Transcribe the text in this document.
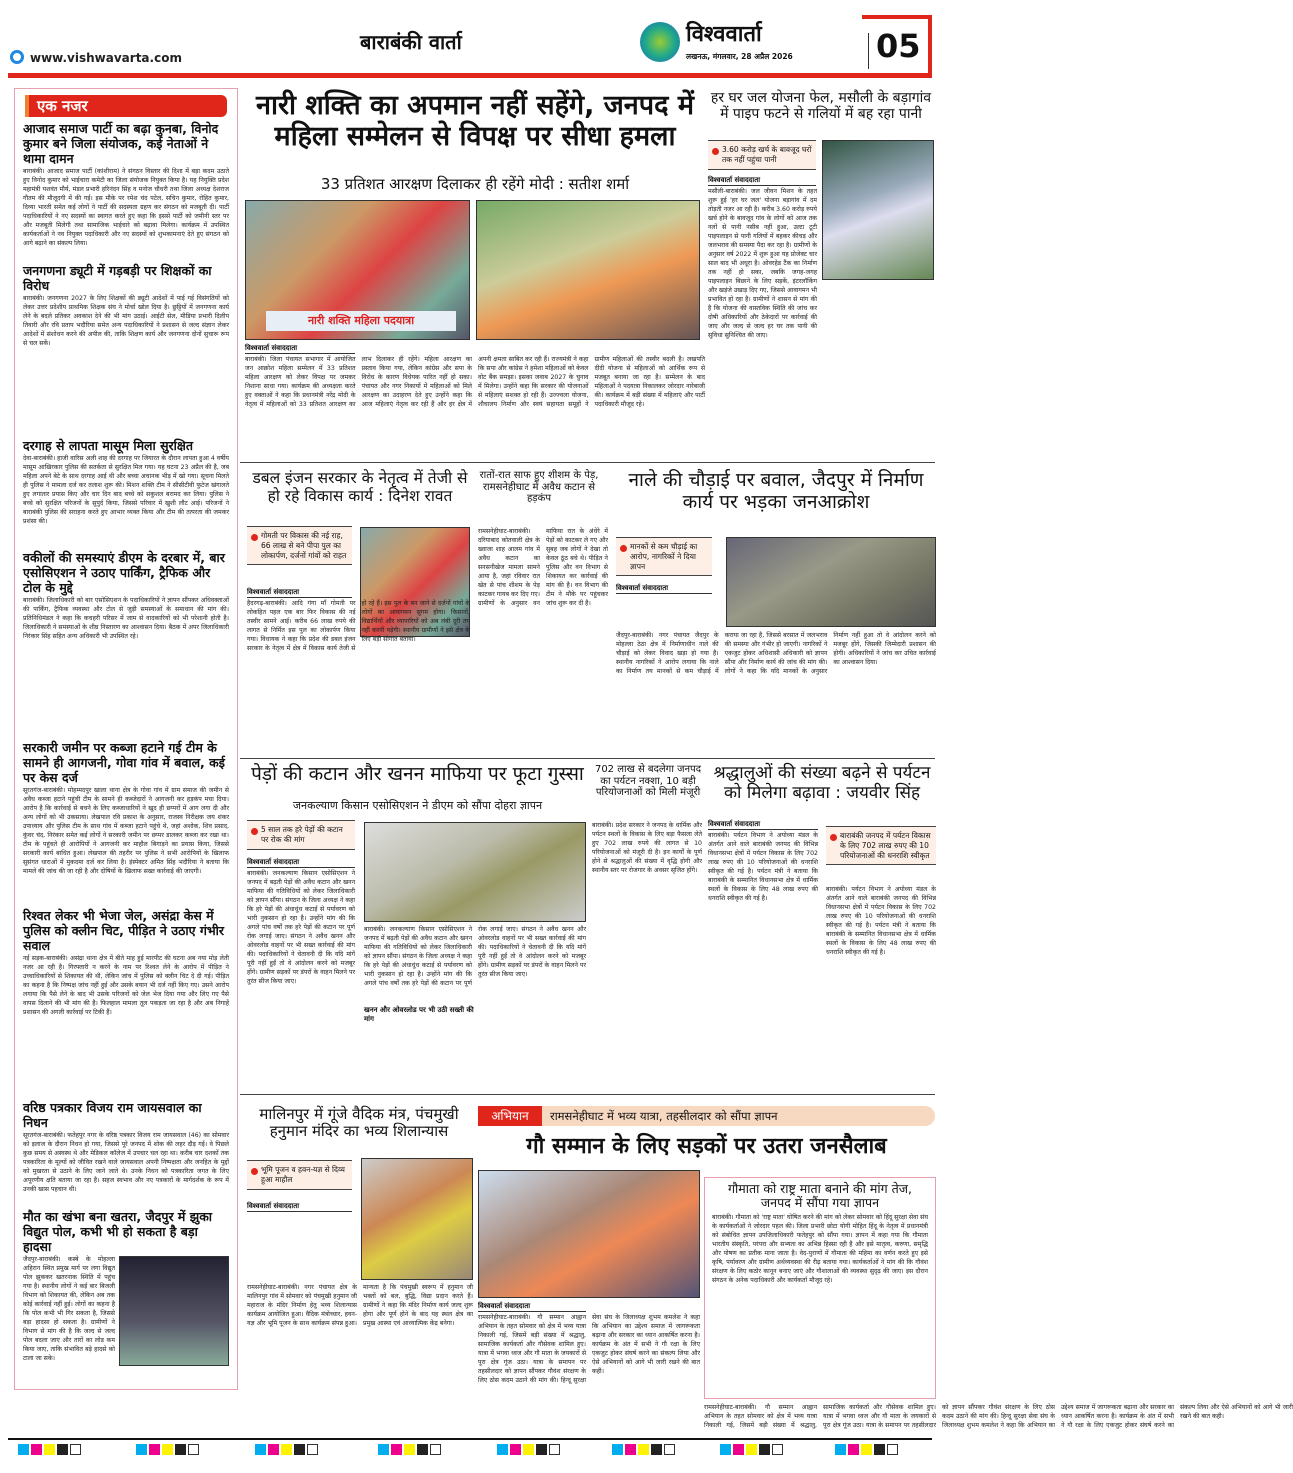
www.vishwavarta.com
बाराबंकी वार्ता	विश्ववार्ता
लखनऊ, मंगलवार, 28 अप्रैल 2026	05
एक नजर
आजाद समाज पार्टी का बढ़ा कुनबा, विनोद कुमार बने जिला संयोजक, कई नेताओं ने थामा दामन
बाराबंकी। आजाद समाज पार्टी (कांशीराम) ने संगठन विस्तार की दिशा में बड़ा कदम उठाते हुए विनोद कुमार को भाईचारा कमेटी का जिला संयोजक नियुक्त किया है। यह नियुक्ति प्रदेश महामंत्री यशवंत मौर्य, मंडल प्रभारी हरिनंदन सिंह व मनोज चौधरी तथा जिला अध्यक्ष देशराज गौतम की मौजूदगी में की गई। इस मौके पर रमेश चंद पटेल, सचिन कुमार, रोहित कुमार, दिव्या भारती समेत कई लोगों ने पार्टी की सदस्यता ग्रहण कर संगठन को मजबूती दी। पार्टी पदाधिकारियों ने नए सदस्यों का स्वागत करते हुए कहा कि इससे पार्टी को जमीनी स्तर पर और मजबूती मिलेगी तथा सामाजिक भाईचारे को बढ़ावा मिलेगा। कार्यक्रम में उपस्थित कार्यकर्ताओं ने नव नियुक्त पदाधिकारी और नए सदस्यों को शुभकामनाएं देते हुए संगठन को आगे बढ़ाने का संकल्प लिया।
जनगणना ड्यूटी में गड़बड़ी पर शिक्षकों का विरोध
बाराबंकी। जनगणना 2027 के लिए शिक्षकों की ड्यूटी आदेशों में पाई गई विसंगतियों को लेकर उत्तर प्रदेशीय प्राथमिक शिक्षक संघ ने मोर्चा खोल दिया है। छुट्टियों में जनगणना कार्य लेने के बदले प्रतिकर अवकाश देने की भी मांग उठाई। आईटी सेल, मीडिया प्रभारी दिलीप तिवारी और रवि प्रताप भदौरिया समेत अन्य पदाधिकारियों ने प्रशासन से जल्द संज्ञान लेकर आदेशों में संशोधन करने की अपील की, ताकि शिक्षण कार्य और जनगणना दोनों सुचारू रूप से चल सकें।
दरगाह से लापता मासूम मिला सुरक्षित
देवा-बाराबंकी। हाजी वारिस अली शाह की दरगाह पर जियारत के दौरान लापता हुआ 4 वर्षीय मासूम आखिरकार पुलिस की सतर्कता से सुरक्षित मिल गया। यह घटना 23 अप्रैल की है, जब महिला अपने बेटे के साथ दरगाह आई थी और बच्चा अचानक भीड़ में खो गया। सूचना मिलते ही पुलिस ने मामला दर्ज कर तलाश शुरू की। मिशन शक्ति टीम ने सीसीटीवी फुटेज खंगालते हुए लगातार प्रयास किए और चार दिन बाद बच्चे को सकुशल बरामद कर लिया। पुलिस ने बच्चे को सुरक्षित परिजनों के सुपुर्द किया, जिससे परिवार में खुशी लौट आई। परिजनों ने बाराबंकी पुलिस की सराहना करते हुए आभार व्यक्त किया और टीम की तत्परता की जमकर प्रशंसा की।
वकीलों की समस्याएं डीएम के दरबार में, बार एसोसिएशन ने उठाए पार्किंग, ट्रैफिक और टोल के मुद्दे
बाराबंकी। जिलाधिकारी को बार एसोसिएशन के पदाधिकारियों ने ज्ञापन सौंपकर अधिवक्ताओं की पार्किंग, ट्रैफिक व्यवस्था और टोल से जुड़ी समस्याओं के समाधान की मांग की। प्रतिनिधिमंडल ने कहा कि कचहरी परिसर में जाम से वादकारियों को भी परेशानी होती है। जिलाधिकारी ने समस्याओं के शीघ्र निस्तारण का आश्वासन दिया। बैठक में अपर जिलाधिकारी निरंकार सिंह सहित अन्य अधिकारी भी उपस्थित रहे।
सरकारी जमीन पर कब्जा हटाने गई टीम के सामने ही आगजनी, गोवा गांव में बवाल, कई पर केस दर्ज
सूरतगंज-बाराबंकी। मोहम्मदपुर खाला थाना क्षेत्र के गोवा गांव में ग्राम समाज की जमीन से अवैध कब्जा हटाने पहुंची टीम के सामने ही कब्जेदारों ने आगजनी कर हड़कंप मचा दिया। आरोप है कि कार्रवाई से बचने के लिए कब्जाधारियों ने खुद ही छप्परों में आग लगा दी और अन्य लोगों को भी उकसाया। लेखपाल रवि प्रकाश के अनुसार, राजस्व निरीक्षक जय शंकर उपाध्याय और पुलिस टीम के साथ गांव में कब्जा हटाने पहुंचे थे, जहां अशोक, शिव प्रसाद, कुंवर चंद, निरंकार समेत कई लोगों ने सरकारी जमीन पर छप्पर डालकर कब्जा कर रखा था। टीम के पहुंचते ही आरोपियों ने आगजनी कर माहौल बिगाड़ने का प्रयास किया, जिससे सरकारी कार्य बाधित हुआ। लेखपाल की तहरीर पर पुलिस ने सभी आरोपियों के खिलाफ सुसंगत धाराओं में मुकदमा दर्ज कर लिया है। इंस्पेक्टर अमित सिंह भदौरिया ने बताया कि मामले की जांच की जा रही है और दोषियों के खिलाफ सख्त कार्रवाई की जाएगी।
रिश्वत लेकर भी भेजा जेल, असंद्रा केस में पुलिस को क्लीन चिट, पीड़ित ने उठाए गंभीर सवाल
नई सड़क-बाराबंकी। असंद्रा थाना क्षेत्र में बीते माह हुई मारपीट की घटना अब नया मोड़ लेती नजर आ रही है। गिरफ्तारी न करने के नाम पर रिश्वत लेने के आरोप में पीड़ित ने उच्चाधिकारियों से शिकायत की थी, लेकिन जांच में पुलिस को क्लीन चिट दे दी गई। पीड़ित का कहना है कि निष्पक्ष जांच नहीं हुई और उसके बयान भी दर्ज नहीं किए गए। उसने आरोप लगाया कि पैसे लेने के बाद भी उसके परिजनों को जेल भेज दिया गया और लिए गए पैसे वापस दिलाने की भी मांग की है। फिलहाल मामला तूल पकड़ता जा रहा है और अब निगाहें प्रशासन की अगली कार्रवाई पर टिकी हैं।
वरिष्ठ पत्रकार विजय राम जायसवाल का निधन
सूरतगंज-बाराबंकी। फतेहपुर नगर के वरिष्ठ पत्रकार विजय राम जायसवाल (46) का सोमवार को इलाज के दौरान निधन हो गया, जिससे पूरे जनपद में शोक की लहर दौड़ गई। वे पिछले कुछ समय से अस्वस्थ थे और मेडिकल कॉलेज में उपचार चल रहा था। करीब चार दशकों तक पत्रकारिता के मूल्यों को जीवित रखने वाले जायसवाल अपनी निष्पक्षता और जनहित के मुद्दों को मुखरता से उठाने के लिए जाने जाते थे। उनके निधन को पत्रकारिता जगत के लिए अपूरणीय क्षति बताया जा रहा है। सहज स्वभाव और नए पत्रकारों के मार्गदर्शक के रूप में उनकी खास पहचान थी।
मौत का खंभा बना खतरा, जैदपुर में झुका विद्युत पोल, कभी भी हो सकता है बड़ा हादसा
जैदपुर-बाराबंकी। कस्बे के मोहल्ला अहिरान स्थित प्रमुख मार्ग पर लगा विद्युत पोल झुककर खतरनाक स्थिति में पहुंच गया है। स्थानीय लोगों ने कई बार बिजली विभाग को शिकायत की, लेकिन अब तक कोई कार्रवाई नहीं हुई। लोगों का कहना है कि पोल कभी भी गिर सकता है, जिससे बड़ा हादसा हो सकता है। ग्रामीणों ने विभाग से मांग की है कि जल्द से जल्द पोल बदला जाए और तारों का लोड कम किया जाए, ताकि संभावित बड़े हादसे को टाला जा सके।
नारी शक्ति का अपमान नहीं सहेंगे, जनपद में महिला सम्मेलन से विपक्ष पर सीधा हमला
33 प्रतिशत आरक्षण दिलाकर ही रहेंगे मोदी : सतीश शर्मा
नारी शक्ति महिला पदयात्रा
विश्ववार्ता संवाददाता
बाराबंकी। जिला पंचायत सभागार में आयोजित जन आक्रोश महिला सम्मेलन में 33 प्रतिशत महिला आरक्षण को लेकर विपक्ष पर जमकर निशाना साधा गया। कार्यक्रम की अध्यक्षता करते हुए वक्ताओं ने कहा कि प्रधानमंत्री नरेंद्र मोदी के नेतृत्व में महिलाओं को 33 प्रतिशत आरक्षण का लाभ दिलाकर ही रहेंगे। महिला आरक्षण का प्रस्ताव किया गया, लेकिन कांग्रेस और सपा के विरोध के कारण विधेयक पारित नहीं हो सका। पंचायत और नगर निकायों में महिलाओं को मिले आरक्षण का उदाहरण देते हुए उन्होंने कहा कि आज महिलाएं नेतृत्व कर रही हैं और हर क्षेत्र में अपनी क्षमता साबित कर रही हैं। राज्यमंत्री ने कहा कि सपा और कांग्रेस ने हमेशा महिलाओं को केवल वोट बैंक समझा। इसका जवाब 2027 के चुनाव में मिलेगा। उन्होंने कहा कि सरकार की योजनाओं से महिलाएं सशक्त हो रही हैं। उज्ज्वला योजना, शौचालय निर्माण और स्वयं सहायता समूहों ने ग्रामीण महिलाओं की तस्वीर बदली है। लखपति दीदी योजना से महिलाओं को आर्थिक रूप से मजबूत बनाया जा रहा है। सम्मेलन के बाद महिलाओं ने पदयात्रा निकालकर जोरदार नारेबाजी की। कार्यक्रम में बड़ी संख्या में महिलाएं और पार्टी पदाधिकारी मौजूद रहे।
हर घर जल योजना फेल, मसौली के बड़ागांव में पाइप फटने से गलियों में बह रहा पानी
3.60 करोड़ खर्च के बावजूद घरों तक नहीं पहुंचा पानी
विश्ववार्ता संवाददाता
मसौली-बाराबंकी। जल जीवन मिशन के तहत शुरू हुई 'हर घर जल' योजना बड़ागांव में दम तोड़ती नजर आ रही है। करीब 3.60 करोड़ रुपये खर्च होने के बावजूद गांव के लोगों को आज तक नलों से पानी नसीब नहीं हुआ, उल्टा टूटी पाइपलाइन से पानी गलियों में बहकर कीचड़ और जलभराव की समस्या पैदा कर रहा है। ग्रामीणों के अनुसार वर्ष 2022 में शुरू हुआ यह प्रोजेक्ट चार साल बाद भी अधूरा है। ओवरहेड टैंक का निर्माण तक नहीं हो सका, जबकि जगह-जगह पाइपलाइन बिछाने के लिए सड़कें, इंटरलॉकिंग और खड़ंजे उखाड़ दिए गए, जिससे आवागमन भी प्रभावित हो रहा है। ग्रामीणों ने शासन से मांग की है कि योजना की वास्तविक स्थिति की जांच कर दोषी अधिकारियों और ठेकेदारों पर कार्रवाई की जाए और जल्द से जल्द हर घर तक पानी की सुविधा सुनिश्चित की जाए।
डबल इंजन सरकार के नेतृत्व में तेजी से हो रहे विकास कार्य : दिनेश रावत
गोमती पर विकास की नई राह, 66 लाख से बने पीपा पुल का लोकार्पण, दर्जनों गांवों को राहत
विश्ववार्ता संवाददाता
हैदरगढ़-बाराबंकी। आदि गंगा माँ गोमती पर लोकहित पहल एक बार फिर विकास की नई तस्वीर सामने आई। करीब 66 लाख रुपये की लागत से निर्मित इस पुल का लोकार्पण किया गया। विधायक ने कहा कि प्रदेश की डबल इंजन सरकार के नेतृत्व में क्षेत्र में विकास कार्य तेजी से हो रहे हैं। इस पुल के बन जाने से दर्जनों गांवों के लोगों का आवागमन सुगम होगा। किसानों, विद्यार्थियों और व्यापारियों को अब लंबी दूरी तय नहीं करनी पड़ेगी। स्थानीय ग्रामीणों ने इसे क्षेत्र के लिए बड़ी सौगात बताया।
रातों-रात साफ हुए शीशम के पेड़, रामसनेहीघाट में अवैध कटान से हड़कंप
रामसनेहीघाट-बाराबंकी। दरियाबाद कोतवाली क्षेत्र के ख्वाजा शाह आलम गांव में अवैध कटान का सनसनीखेज मामला सामने आया है, जहां रविवार रात खेत से पांच शीशम के पेड़ काटकर गायब कर दिए गए। ग्रामीणों के अनुसार वन माफिया रात के अंधेरे में पेड़ों को काटकर ले गए और सुबह जब लोगों ने देखा तो केवल ठूंठ बचे थे। पीड़ित ने पुलिस और वन विभाग से शिकायत कर कार्रवाई की मांग की है। वन विभाग की टीम ने मौके पर पहुंचकर जांच शुरू कर दी है।
नाले की चौड़ाई पर बवाल, जैदपुर में निर्माण कार्य पर भड़का जनआक्रोश
मानकों से कम चौड़ाई का आरोप, नागरिकों ने दिया ज्ञापन
विश्ववार्ता संवाददाता
जैदपुर-बाराबंकी। नगर पंचायत जैदपुर के मोहल्ला ठेठा क्षेत्र में निर्माणाधीन नाले की चौड़ाई को लेकर विवाद खड़ा हो गया है। स्थानीय नागरिकों ने आरोप लगाया कि नाले का निर्माण तय मानकों से कम चौड़ाई में कराया जा रहा है, जिससे बरसात में जलभराव की समस्या और गंभीर हो जाएगी। नागरिकों ने एकजुट होकर अधिशासी अधिकारी को ज्ञापन सौंपा और निर्माण कार्य की जांच की मांग की। लोगों ने कहा कि यदि मानकों के अनुसार निर्माण नहीं हुआ तो वे आंदोलन करने को मजबूर होंगे, जिसकी जिम्मेदारी प्रशासन की होगी। अधिकारियों ने जांच कर उचित कार्रवाई का आश्वासन दिया।
पेड़ों की कटान और खनन माफिया पर फूटा गुस्सा
जनकल्याण किसान एसोसिएशन ने डीएम को सौंपा दोहरा ज्ञापन
5 साल तक हरे पेड़ों की कटान पर रोक की मांग
विश्ववार्ता संवाददाता
बाराबंकी। जनकल्याण किसान एसोसिएशन ने जनपद में बढ़ती पेड़ों की अवैध कटान और खनन माफिया की गतिविधियों को लेकर जिलाधिकारी को ज्ञापन सौंपा। संगठन के जिला अध्यक्ष ने कहा कि हरे पेड़ों की अंधाधुंध कटाई से पर्यावरण को भारी नुकसान हो रहा है। उन्होंने मांग की कि अगले पांच वर्षों तक हरे पेड़ों की कटान पर पूर्ण रोक लगाई जाए। संगठन ने अवैध खनन और ओवरलोड वाहनों पर भी सख्त कार्रवाई की मांग की। पदाधिकारियों ने चेतावनी दी कि यदि मांगें पूरी नहीं हुईं तो वे आंदोलन करने को मजबूर होंगे। ग्रामीण सड़कों पर डंपरों के वाहन मिलने पर तुरंत सीज किया जाए।
खनन और ओवरलोड पर भी उठी सख्ती की मांग
बाराबंकी। जनकल्याण किसान एसोसिएशन ने जनपद में बढ़ती पेड़ों की अवैध कटान और खनन माफिया की गतिविधियों को लेकर जिलाधिकारी को ज्ञापन सौंपा। संगठन के जिला अध्यक्ष ने कहा कि हरे पेड़ों की अंधाधुंध कटाई से पर्यावरण को भारी नुकसान हो रहा है। उन्होंने मांग की कि अगले पांच वर्षों तक हरे पेड़ों की कटान पर पूर्ण रोक लगाई जाए। संगठन ने अवैध खनन और ओवरलोड वाहनों पर भी सख्त कार्रवाई की मांग की। पदाधिकारियों ने चेतावनी दी कि यदि मांगें पूरी नहीं हुईं तो वे आंदोलन करने को मजबूर होंगे। ग्रामीण सड़कों पर डंपरों के वाहन मिलने पर तुरंत सीज किया जाए।
702 लाख से बदलेगा जनपद का पर्यटन नक्शा, 10 बड़ी परियोजनाओं को मिली मंजूरी
बाराबंकी। प्रदेश सरकार ने जनपद के धार्मिक और पर्यटन स्थलों के विकास के लिए बड़ा फैसला लेते हुए 702 लाख रुपये की लागत से 10 परियोजनाओं को मंजूरी दी है। इन कार्यों के पूर्ण होने से श्रद्धालुओं की संख्या में वृद्धि होगी और स्थानीय स्तर पर रोजगार के अवसर सृजित होंगे।
श्रद्धालुओं की संख्या बढ़ने से पर्यटन को मिलेगा बढ़ावा : जयवीर सिंह
विश्ववार्ता संवाददाता
बाराबंकी। पर्यटन विभाग ने अयोध्या मंडल के अंतर्गत आने वाले बाराबंकी जनपद की विभिन्न विधानसभा क्षेत्रों में पर्यटन विकास के लिए 702 लाख रुपए की 10 परियोजनाओं की धनराशि स्वीकृत की गई है। पर्यटन मंत्री ने बताया कि बाराबंकी के सम्मानित विधानसभा क्षेत्र में धार्मिक स्थलों के विकास के लिए 48 लाख रुपए की धनराशि स्वीकृत की गई है।
बाराबंकी जनपद में पर्यटन विकास के लिए 702 लाख रुपए की 10 परियोजनाओं की धनराशि स्वीकृत
बाराबंकी। पर्यटन विभाग ने अयोध्या मंडल के अंतर्गत आने वाले बाराबंकी जनपद की विभिन्न विधानसभा क्षेत्रों में पर्यटन विकास के लिए 702 लाख रुपए की 10 परियोजनाओं की धनराशि स्वीकृत की गई है। पर्यटन मंत्री ने बताया कि बाराबंकी के सम्मानित विधानसभा क्षेत्र में धार्मिक स्थलों के विकास के लिए 48 लाख रुपए की धनराशि स्वीकृत की गई है।
मालिनपुर में गूंजे वैदिक मंत्र, पंचमुखी हनुमान मंदिर का भव्य शिलान्यास
भूमि पूजन व हवन-यज्ञ से दिव्य हुआ माहौल
विश्ववार्ता संवाददाता
रामसनेहीघाट-बाराबंकी। नगर पंचायत क्षेत्र के मालिनपुर गांव में सोमवार को पंचमुखी हनुमान जी महाराज के मंदिर निर्माण हेतु भव्य शिलान्यास कार्यक्रम आयोजित हुआ। वैदिक मंत्रोच्चार, हवन-यज्ञ और भूमि पूजन के साथ कार्यक्रम संपन्न हुआ। मान्यता है कि पंचमुखी स्वरूप में हनुमान जी भक्तों को बल, बुद्धि, विद्या प्रदान करते हैं। ग्रामीणों ने कहा कि मंदिर निर्माण कार्य जल्द शुरू होगा और पूर्ण होने के बाद यह स्थल क्षेत्र का प्रमुख आस्था एवं आध्यात्मिक केंद्र बनेगा।
अभियान	रामसनेहीघाट में भव्य यात्रा, तहसीलदार को सौंपा ज्ञापन
गौ सम्मान के लिए सड़कों पर उतरा जनसैलाब
विश्ववार्ता संवाददाता
रामसनेहीघाट-बाराबंकी। गौ सम्मान आह्वान अभियान के तहत सोमवार को क्षेत्र में भव्य यात्रा निकाली गई, जिसमें बड़ी संख्या में श्रद्धालु, सामाजिक कार्यकर्ता और गौसेवक शामिल हुए। यात्रा में भगवा ध्वज और गौ माता के जयकारों से पूरा क्षेत्र गूंज उठा। यात्रा के समापन पर तहसीलदार को ज्ञापन सौंपकर गौवंश संरक्षण के लिए ठोस कदम उठाने की मांग की। हिन्दू सुरक्षा सेवा संघ के जिलाध्यक्ष शुभम कमलेश ने कहा कि अभियान का उद्देश्य समाज में जागरूकता बढ़ाना और सरकार का ध्यान आकर्षित करना है। कार्यक्रम के अंत में सभी ने गौ रक्षा के लिए एकजुट होकर संघर्ष करने का संकल्प लिया और ऐसे अभियानों को आगे भी जारी रखने की बात कही।
गौमाता को राष्ट्र माता बनाने की मांग तेज, जनपद में सौंपा गया ज्ञापन
बाराबंकी। गौमाता को 'राष्ट्र माता' घोषित करने की मांग को लेकर सोमवार को हिंदू सुरक्षा सेवा संघ के कार्यकर्ताओं ने जोरदार पहल की। जिला प्रभारी छोटा योगी मोहित हिंदू के नेतृत्व में प्रधानमंत्री को संबोधित ज्ञापन उपजिलाधिकारी फतेहपुर को सौंपा गया। ज्ञापन में कहा गया कि गौमाता भारतीय संस्कृति, परंपरा और सभ्यता का अभिन्न हिस्सा रही है और इसे मातृत्व, करुणा, समृद्धि और पोषण का प्रतीक माना जाता है। वेद-पुराणों में गौमाता की महिमा का वर्णन करते हुए इसे कृषि, पर्यावरण और ग्रामीण अर्थव्यवस्था की रीढ़ बताया गया। कार्यकर्ताओं ने मांग की कि गौवंश संरक्षण के लिए कठोर कानून बनाए जाएं और गौशालाओं की व्यवस्था सुदृढ़ की जाए। इस दौरान संगठन के अनेक पदाधिकारी और कार्यकर्ता मौजूद रहे।
रामसनेहीघाट-बाराबंकी। गौ सम्मान आह्वान अभियान के तहत सोमवार को क्षेत्र में भव्य यात्रा निकाली गई, जिसमें बड़ी संख्या में श्रद्धालु, सामाजिक कार्यकर्ता और गौसेवक शामिल हुए। यात्रा में भगवा ध्वज और गौ माता के जयकारों से पूरा क्षेत्र गूंज उठा। यात्रा के समापन पर तहसीलदार को ज्ञापन सौंपकर गौवंश संरक्षण के लिए ठोस कदम उठाने की मांग की। हिन्दू सुरक्षा सेवा संघ के जिलाध्यक्ष शुभम कमलेश ने कहा कि अभियान का उद्देश्य समाज में जागरूकता बढ़ाना और सरकार का ध्यान आकर्षित करना है। कार्यक्रम के अंत में सभी ने गौ रक्षा के लिए एकजुट होकर संघर्ष करने का संकल्प लिया और ऐसे अभियानों को आगे भी जारी रखने की बात कही।
